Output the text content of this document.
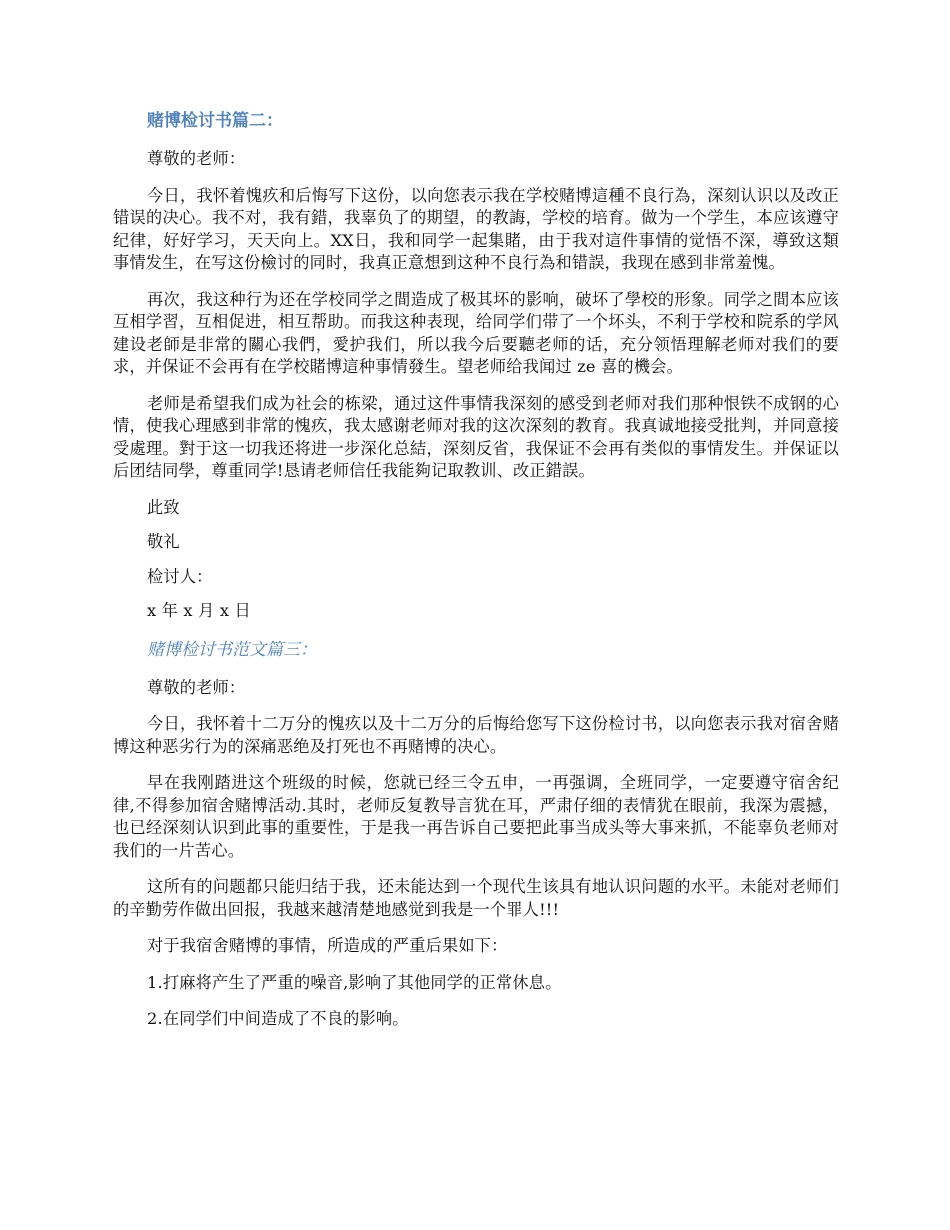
赌博检讨书篇二：

尊敬的老师：

今日，我怀着愧疚和后悔写下这份，以向您表示我在学校赌博這種不良行為，深刻认识以及改正错误的决心。我不对，我有錯，我辜负了的期望，的教誨，学校的培育。做为一个学生，本应该遵守纪律，好好学习，天天向上。XX日，我和同学一起集賭，由于我对這件事情的觉悟不深，導致这類事情发生，在写这份檢讨的同时，我真正意想到这种不良行為和错誤，我现在感到非常羞愧。

再次，我这种行为还在学校同学之間造成了极其坏的影响，破坏了學校的形象。同学之間本应该互相学習，互相促进，相互帮助。而我这种表现，给同学们带了一个坏头，不利于学校和院系的学风建设老師是非常的關心我們，愛护我们，所以我今后要聽老师的话，充分领悟理解老师对我们的要求，并保证不会再有在学校賭博這种事情發生。望老师给我闻过 ze 喜的機会。

老师是希望我们成为社会的栋梁，通过这件事情我深刻的感受到老师对我们那种恨铁不成钢的心情，使我心理感到非常的愧疚，我太感谢老师对我的这次深刻的教育。我真诚地接受批判，并同意接受處理。對于这一切我还将进一步深化总結，深刻反省，我保证不会再有类似的事情发生。并保证以后团结同學，尊重同学!恳请老师信任我能夠记取教训、改正錯誤。

此致

敬礼

检讨人：

x 年 x 月 x 日

赌博检讨书范文篇三：

尊敬的老师：

今日，我怀着十二万分的愧疚以及十二万分的后悔给您写下这份检讨书，以向您表示我对宿舍赌博这种恶劣行为的深痛恶绝及打死也不再赌博的决心。

早在我刚踏进这个班级的时候，您就已经三令五申，一再强调，全班同学，一定要遵守宿舍纪律,不得参加宿舍赌博活动.其时，老师反复教导言犹在耳，严肃仔细的表情犹在眼前，我深为震撼，也已经深刻认识到此事的重要性，于是我一再告诉自己要把此事当成头等大事来抓，不能辜负老师对我们的一片苦心。

这所有的问题都只能归结于我，还未能达到一个现代生该具有地认识问题的水平。未能对老师们的辛勤劳作做出回报，我越来越清楚地感觉到我是一个罪人!!!

对于我宿舍赌博的事情，所造成的严重后果如下：

1.打麻将产生了严重的噪音,影响了其他同学的正常休息。

2.在同学们中间造成了不良的影响。
